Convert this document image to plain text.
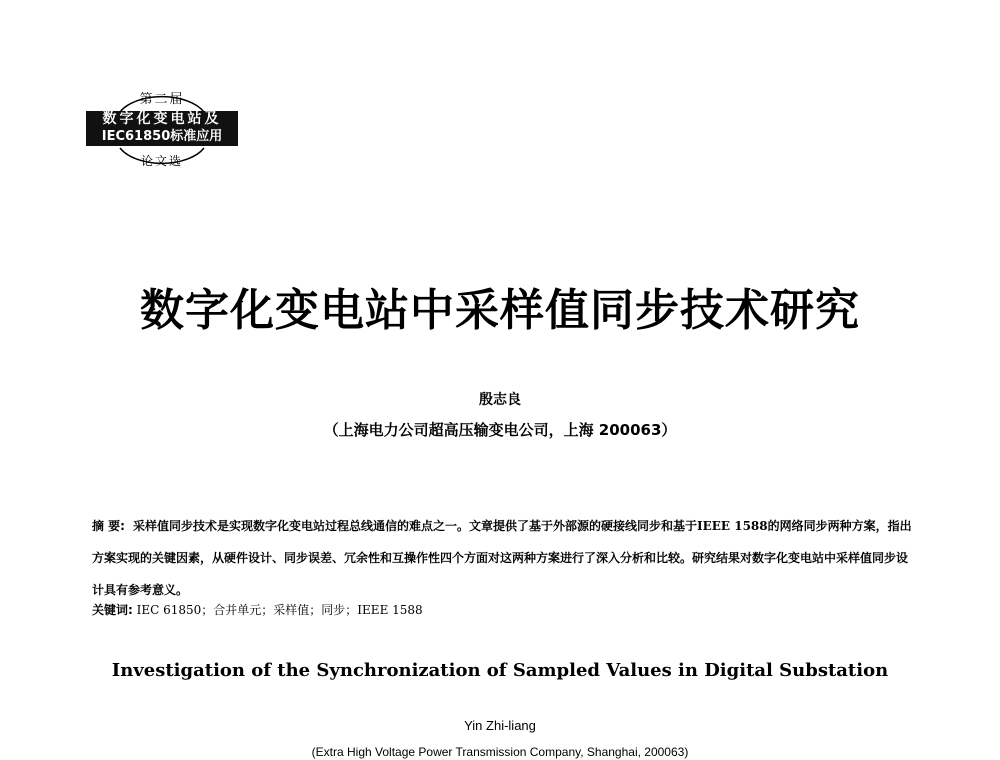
第二届
数字化变电站及
IEC61850标准应用
论文选
数字化变电站中采样值同步技术研究
殷志良
（上海电力公司超高压输变电公司，上海 200063）
摘 要: 采样值同步技术是实现数字化变电站过程总线通信的难点之一。文章提供了基于外部源的硬接线同步和基于IEEE 1588的网络同步两种方案，指出方案实现的关键因素，从硬件设计、同步误差、冗余性和互操作性四个方面对这两种方案进行了深入分析和比较。研究结果对数字化变电站中采样值同步设计具有参考意义。
关键词: IEC 61850；合并单元；采样值；同步；IEEE 1588
Investigation of the Synchronization of Sampled Values in Digital Substation
Yin Zhi-liang
(Extra High Voltage Power Transmission Company, Shanghai, 200063)
